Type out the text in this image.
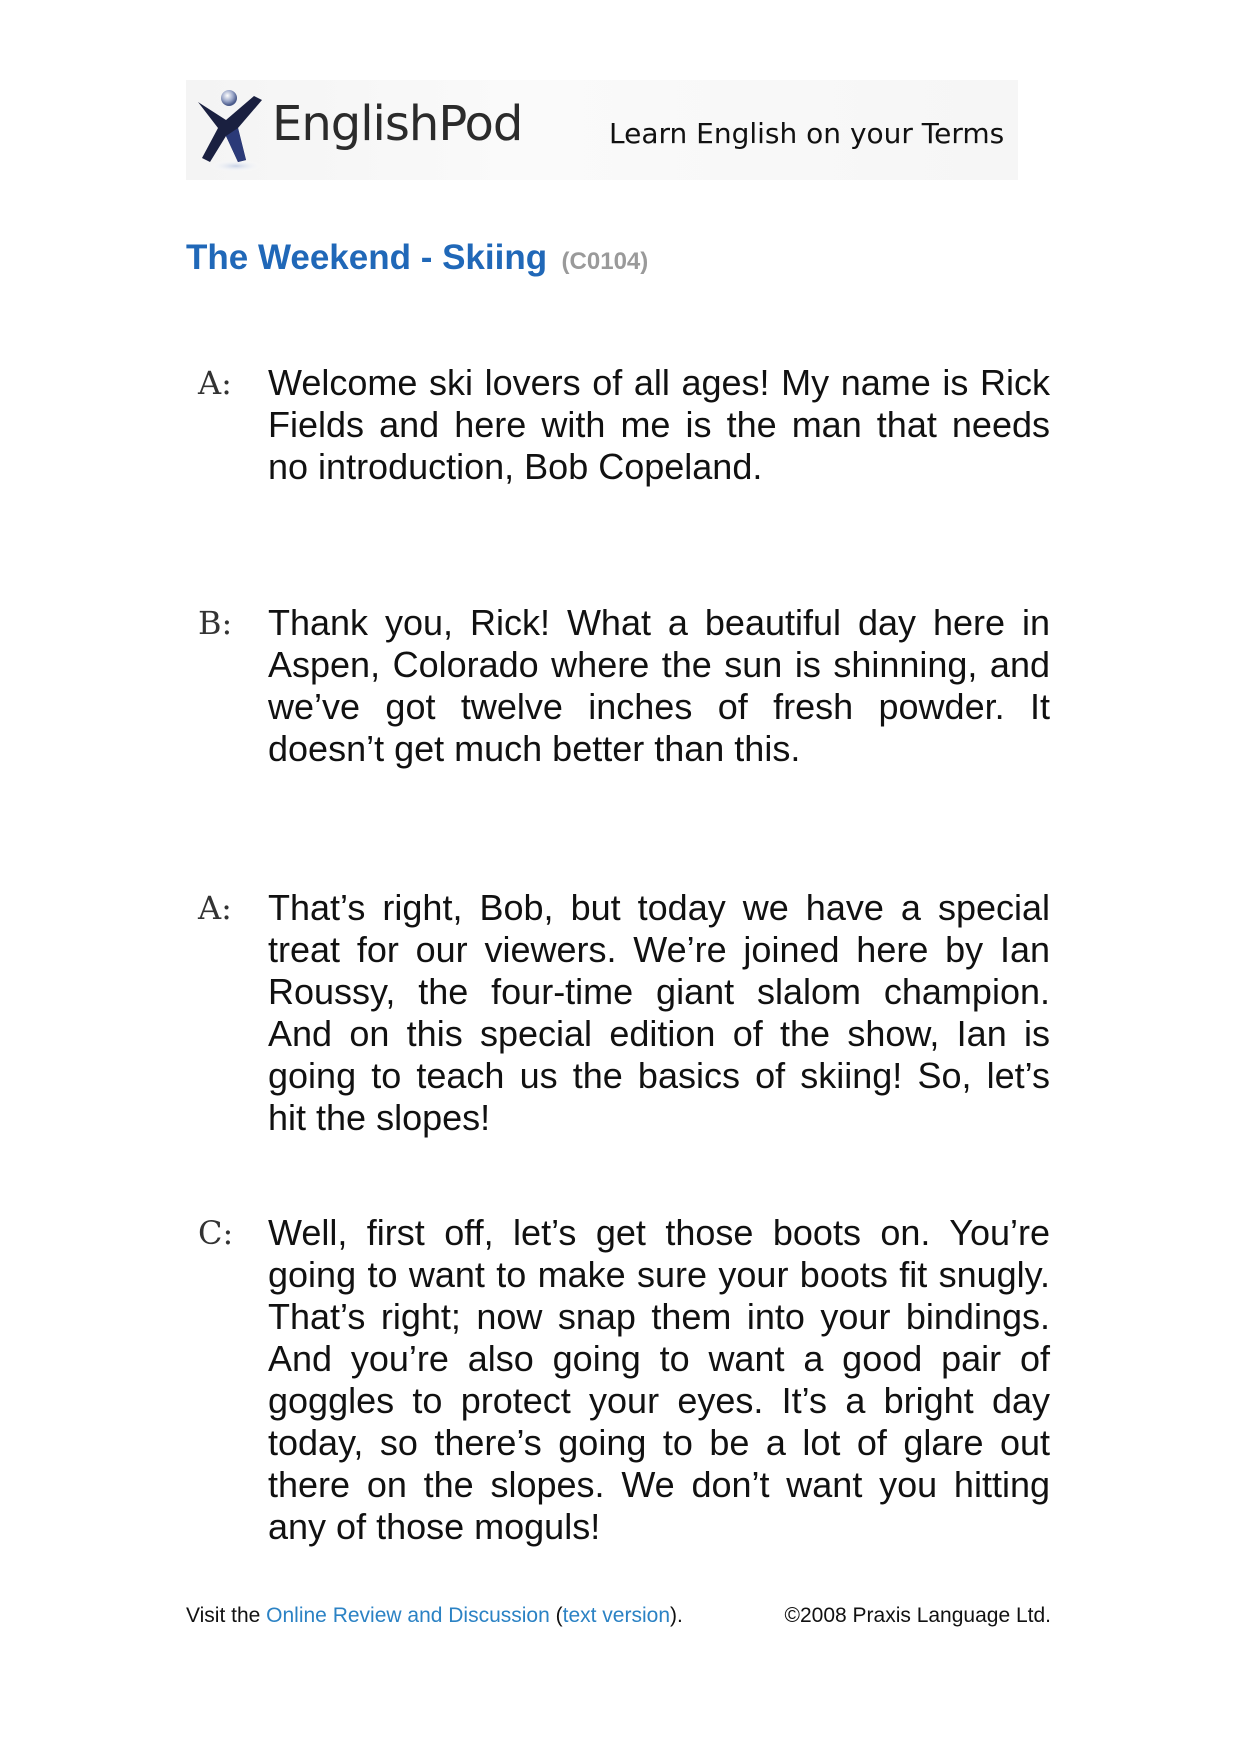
EnglishPod	Learn English on your Terms
The Weekend - Skiing (C0104)
A: Welcome ski lovers of all ages! My name is Rick Fields and here with me is the man that needs no introduction, Bob Copeland.
B: Thank you, Rick! What a beautiful day here in Aspen, Colorado where the sun is shinning, and we’ve got twelve inches of fresh powder. It doesn’t get much better than this.
A: That’s right, Bob, but today we have a special treat for our viewers. We’re joined here by Ian Roussy, the four-time giant slalom champion. And on this special edition of the show, Ian is going to teach us the basics of skiing! So, let’s hit the slopes!
C: Well, first off, let’s get those boots on. You’re going to want to make sure your boots fit snugly. That’s right; now snap them into your bindings. And you’re also going to want a good pair of goggles to protect your eyes. It’s a bright day today, so there’s going to be a lot of glare out there on the slopes. We don’t want you hitting any of those moguls!
Visit the Online Review and Discussion (text version).	©2008 Praxis Language Ltd.
